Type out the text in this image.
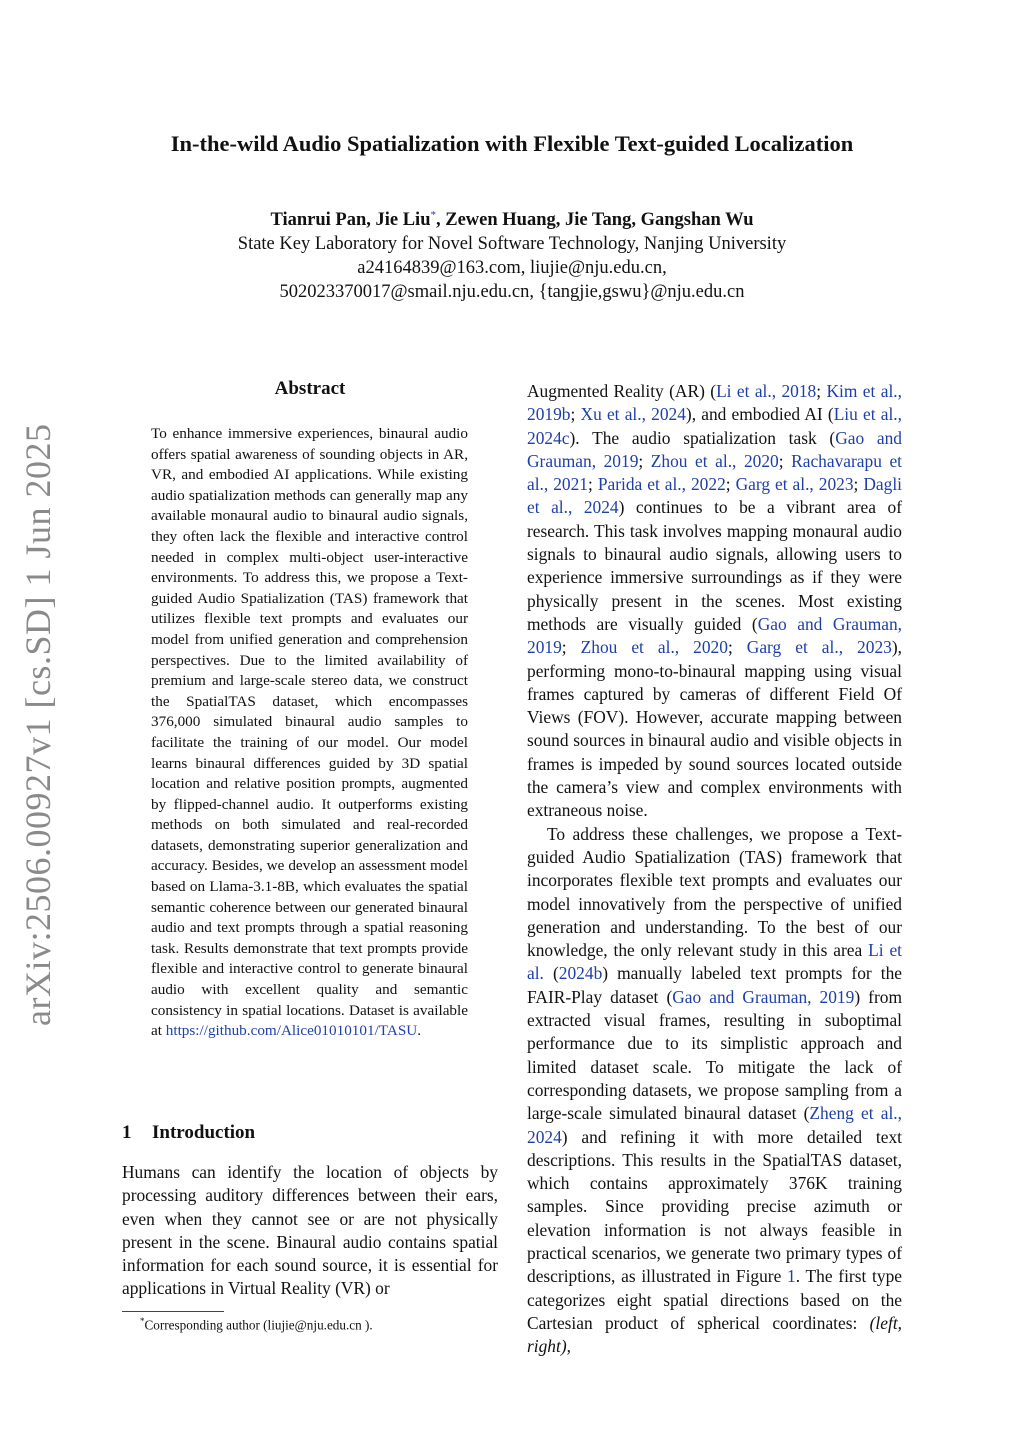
arXiv:2506.00927v1 [cs.SD] 1 Jun 2025
In-the-wild Audio Spatialization with Flexible Text-guided Localization
Tianrui Pan, Jie Liu*, Zewen Huang, Jie Tang, Gangshan Wu
State Key Laboratory for Novel Software Technology, Nanjing University
a24164839@163.com, liujie@nju.edu.cn,
502023370017@smail.nju.edu.cn, {tangjie,gswu}@nju.edu.cn
Abstract
To enhance immersive experiences, binaural audio offers spatial awareness of sounding objects in AR, VR, and embodied AI applications. While existing audio spatialization methods can generally map any available monaural audio to binaural audio signals, they often lack the flexible and interactive control needed in complex multi-object user-interactive environments. To address this, we propose a Text-guided Audio Spatialization (TAS) framework that utilizes flexible text prompts and evaluates our model from unified generation and comprehension perspectives. Due to the limited availability of premium and large-scale stereo data, we construct the SpatialTAS dataset, which encompasses 376,000 simulated binaural audio samples to facilitate the training of our model. Our model learns binaural differences guided by 3D spatial location and relative position prompts, augmented by flipped-channel audio. It outperforms existing methods on both simulated and real-recorded datasets, demonstrating superior generalization and accuracy. Besides, we develop an assessment model based on Llama-3.1-8B, which evaluates the spatial semantic coherence between our generated binaural audio and text prompts through a spatial reasoning task. Results demonstrate that text prompts provide flexible and interactive control to generate binaural audio with excellent quality and semantic consistency in spatial locations. Dataset is available at https://github.com/Alice01010101/TASU.
1 Introduction
Humans can identify the location of objects by processing auditory differences between their ears, even when they cannot see or are not physically present in the scene. Binaural audio contains spatial information for each sound source, it is essential for applications in Virtual Reality (VR) or
*Corresponding author (liujie@nju.edu.cn ).

Augmented Reality (AR) (Li et al., 2018; Kim et al., 2019b; Xu et al., 2024), and embodied AI (Liu et al., 2024c). The audio spatialization task (Gao and Grauman, 2019; Zhou et al., 2020; Rachavarapu et al., 2021; Parida et al., 2022; Garg et al., 2023; Dagli et al., 2024) continues to be a vibrant area of research. This task involves mapping monaural audio signals to binaural audio signals, allowing users to experience immersive surroundings as if they were physically present in the scenes. Most existing methods are visually guided (Gao and Grauman, 2019; Zhou et al., 2020; Garg et al., 2023), performing mono-to-binaural mapping using visual frames captured by cameras of different Field Of Views (FOV). However, accurate mapping between sound sources in binaural audio and visible objects in frames is impeded by sound sources located outside the camera’s view and complex environments with extraneous noise.

To address these challenges, we propose a Text-guided Audio Spatialization (TAS) framework that incorporates flexible text prompts and evaluates our model innovatively from the perspective of unified generation and understanding. To the best of our knowledge, the only relevant study in this area Li et al. (2024b) manually labeled text prompts for the FAIR-Play dataset (Gao and Grauman, 2019) from extracted visual frames, resulting in suboptimal performance due to its simplistic approach and limited dataset scale. To mitigate the lack of corresponding datasets, we propose sampling from a large-scale simulated binaural dataset (Zheng et al., 2024) and refining it with more detailed text descriptions. This results in the SpatialTAS dataset, which contains approximately 376K training samples. Since providing precise azimuth or elevation information is not always feasible in practical scenarios, we generate two primary types of descriptions, as illustrated in Figure 1. The first type categorizes eight spatial directions based on the Cartesian product of spherical coordinates: (left, right),
